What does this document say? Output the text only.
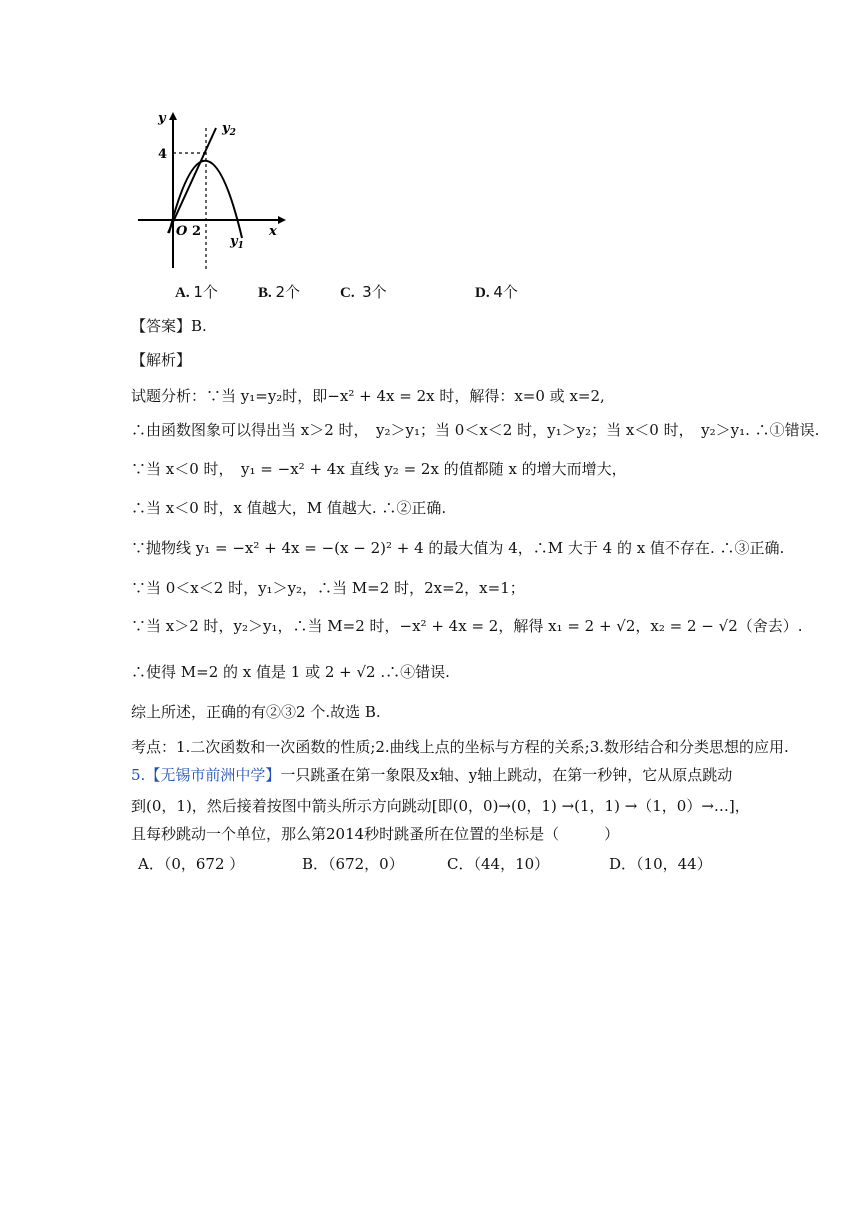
y
$y_2$
4
O 2
$y_1$
x
A. 1个	B. 2个	C. 3个	D. 4个
【答案】B.
【解析】
试题分析：∵当 y₁=y₂时，即−x² + 4x = 2x 时，解得：x=0 或 x=2,
∴由函数图象可以得出当 x＞2 时，　y₂＞y₁；当 0＜x＜2 时，y₁＞y₂；当 x＜0 时，　y₂＞y₁. ∴①错误.
∵当 x＜0 时，　y₁ = −x² + 4x 直线 y₂ = 2x 的值都随 x 的增大而增大，
∴当 x＜0 时，x 值越大，M 值越大. ∴②正确.
∵抛物线 y₁ = −x² + 4x = −(x − 2)² + 4 的最大值为 4，∴M 大于 4 的 x 值不存在. ∴③正确.
∵当 0＜x＜2 时，y₁＞y₂，∴当 M=2 时，2x=2，x=1；
∵当 x＞2 时，y₂＞y₁，∴当 M=2 时，−x² + 4x = 2，解得 x₁ = 2 + √2，x₂ = 2 − √2（舍去）.
∴使得 M=2 的 x 值是 1 或 2 + √2 .∴④错误.
综上所述，正确的有②③2 个.故选 B.
考点：1.二次函数和一次函数的性质;2.曲线上点的坐标与方程的关系;3.数形结合和分类思想的应用.
5.【无锡市前洲中学】一只跳蚤在第一象限及x轴、y轴上跳动，在第一秒钟，它从原点跳动
到(0，1)，然后接着按图中箭头所示方向跳动[即(0，0)→(0，1) →(1，1) →（1，0）→…]，
且每秒跳动一个单位，那么第2014秒时跳蚤所在位置的坐标是（　　　）
A．（0，672 ）	B．（672，0）	C．（44，10）	D．（10，44）
